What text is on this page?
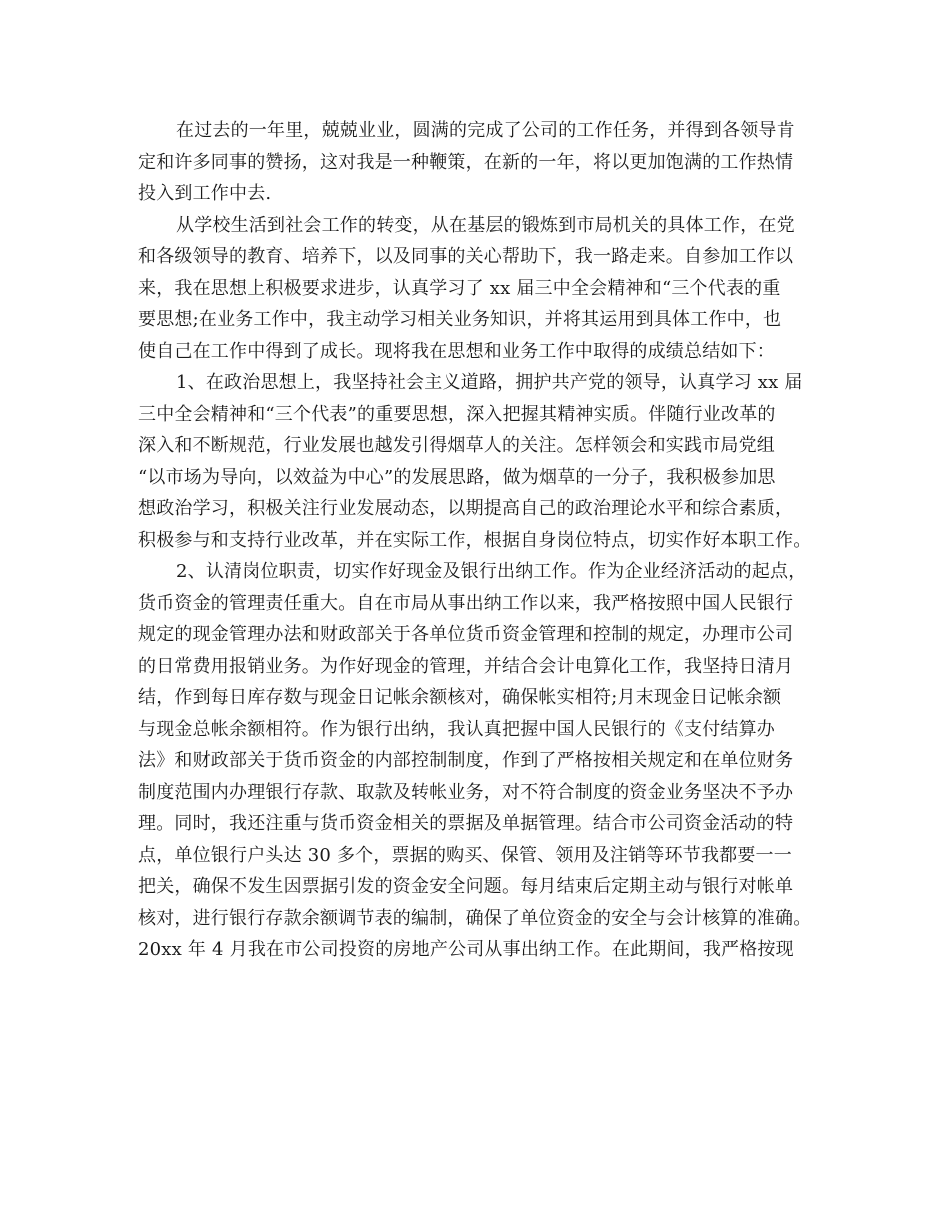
在过去的一年里，兢兢业业，圆满的完成了公司的工作任务，并得到各领导肯
定和许多同事的赞扬，这对我是一种鞭策，在新的一年，将以更加饱满的工作热情
投入到工作中去.
从学校生活到社会工作的转变，从在基层的锻炼到市局机关的具体工作，在党
和各级领导的教育、培养下，以及同事的关心帮助下，我一路走来。自参加工作以
来，我在思想上积极要求进步，认真学习了 xx 届三中全会精神和“三个代表的重
要思想;在业务工作中，我主动学习相关业务知识，并将其运用到具体工作中，也
使自己在工作中得到了成长。现将我在思想和业务工作中取得的成绩总结如下：
1、在政治思想上，我坚持社会主义道路，拥护共产党的领导，认真学习 xx 届
三中全会精神和“三个代表”的重要思想，深入把握其精神实质。伴随行业改革的
深入和不断规范，行业发展也越发引得烟草人的关注。怎样领会和实践市局党组
“以市场为导向，以效益为中心”的发展思路，做为烟草的一分子，我积极参加思
想政治学习，积极关注行业发展动态，以期提高自己的政治理论水平和综合素质，
积极参与和支持行业改革，并在实际工作，根据自身岗位特点，切实作好本职工作。
2、认清岗位职责，切实作好现金及银行出纳工作。作为企业经济活动的起点，
货币资金的管理责任重大。自在市局从事出纳工作以来，我严格按照中国人民银行
规定的现金管理办法和财政部关于各单位货币资金管理和控制的规定，办理市公司
的日常费用报销业务。为作好现金的管理，并结合会计电算化工作，我坚持日清月
结，作到每日库存数与现金日记帐余额核对，确保帐实相符;月末现金日记帐余额
与现金总帐余额相符。作为银行出纳，我认真把握中国人民银行的《支付结算办
法》和财政部关于货币资金的内部控制制度，作到了严格按相关规定和在单位财务
制度范围内办理银行存款、取款及转帐业务，对不符合制度的资金业务坚决不予办
理。同时，我还注重与货币资金相关的票据及单据管理。结合市公司资金活动的特
点，单位银行户头达 30 多个，票据的购买、保管、领用及注销等环节我都要一一
把关，确保不发生因票据引发的资金安全问题。每月结束后定期主动与银行对帐单
核对，进行银行存款余额调节表的编制，确保了单位资金的安全与会计核算的准确。
20xx 年 4 月我在市公司投资的房地产公司从事出纳工作。在此期间，我严格按现
